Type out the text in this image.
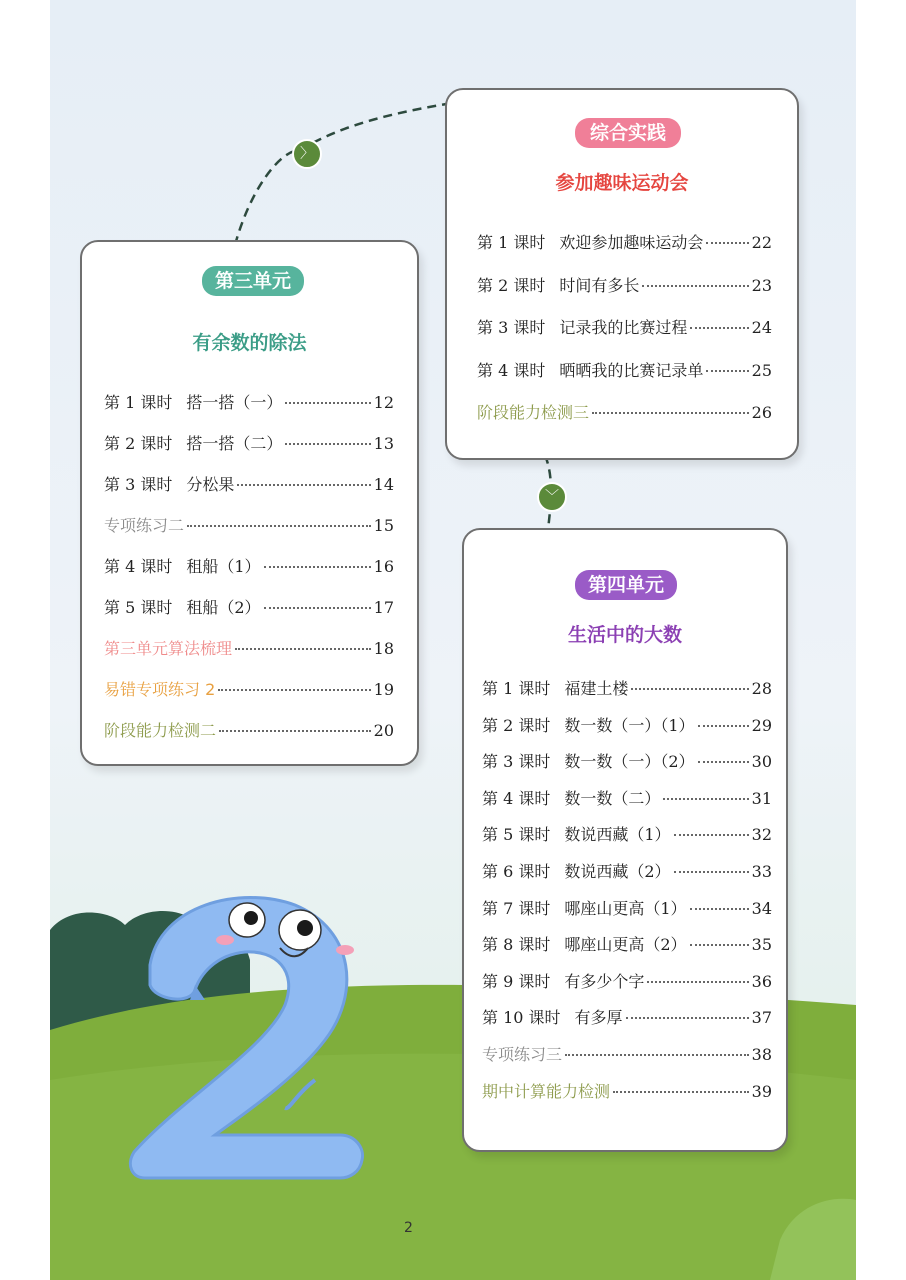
第三单元
有余数的除法
第 1 课时 搭一搭（一）	12
第 2 课时 搭一搭（二）	13
第 3 课时 分松果	14
专项练习二	15
第 4 课时 租船（1）	16
第 5 课时 租船（2）	17
第三单元算法梳理	18
易错专项练习 2	19
阶段能力检测二	20
综合实践
参加趣味运动会
第 1 课时 欢迎参加趣味运动会	22
第 2 课时 时间有多长	23
第 3 课时 记录我的比赛过程	24
第 4 课时 晒晒我的比赛记录单	25
阶段能力检测三	26
第四单元
生活中的大数
第 1 课时 福建土楼	28
第 2 课时 数一数（一）（1）	29
第 3 课时 数一数（一）（2）	30
第 4 课时 数一数（二）	31
第 5 课时 数说西藏（1）	32
第 6 课时 数说西藏（2）	33
第 7 课时 哪座山更高（1）	34
第 8 课时 哪座山更高（2）	35
第 9 课时 有多少个字	36
第 10 课时 有多厚	37
专项练习三	38
期中计算能力检测	39
〉
﹀
2
